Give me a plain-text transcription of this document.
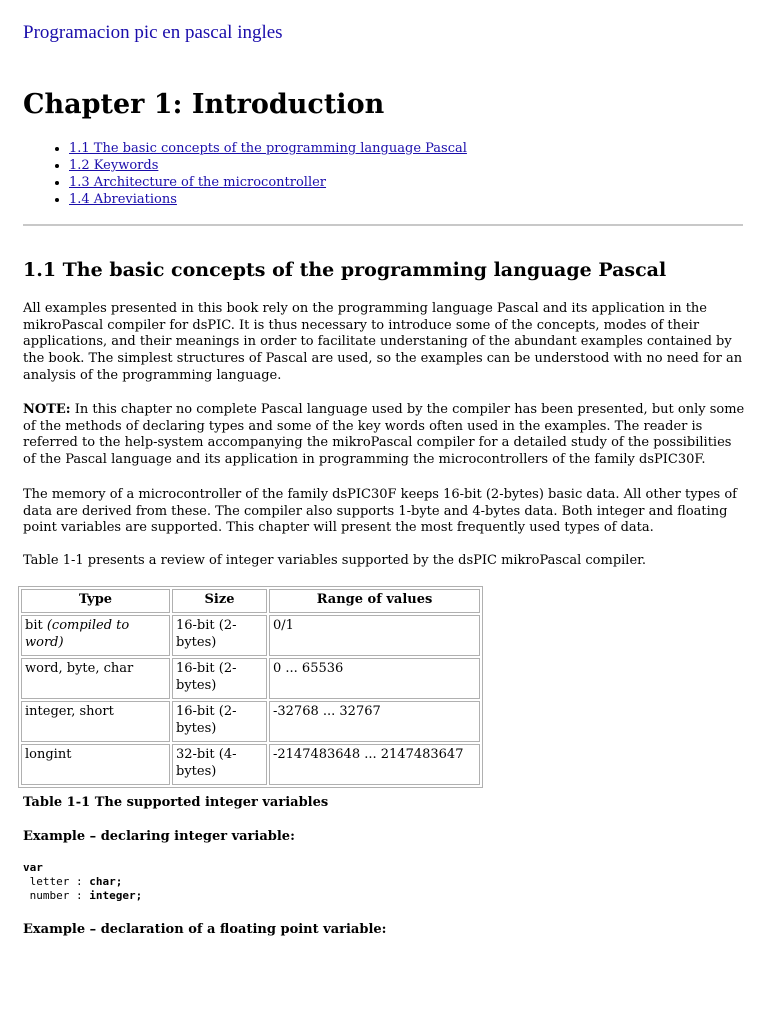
Programacion pic en pascal ingles
Chapter 1: Introduction
• 1.1 The basic concepts of the programming language Pascal
• 1.2 Keywords
• 1.3 Architecture of the microcontroller
• 1.4 Abreviations
1.1 The basic concepts of the programming language Pascal

All examples presented in this book rely on the programming language Pascal and its application in the mikroPascal compiler for dsPIC. It is thus necessary to introduce some of the concepts, modes of their applications, and their meanings in order to facilitate understaning of the abundant examples contained by the book. The simplest structures of Pascal are used, so the examples can be understood with no need for an analysis of the programming language.

NOTE: In this chapter no complete Pascal language used by the compiler has been presented, but only some of the methods of declaring types and some of the key words often used in the examples. The reader is referred to the help-system accompanying the mikroPascal compiler for a detailed study of the possibilities of the Pascal language and its application in programming the microcontrollers of the family dsPIC30F.

The memory of a microcontroller of the family dsPIC30F keeps 16-bit (2-bytes) basic data. All other types of data are derived from these. The compiler also supports 1-byte and 4-bytes data. Both integer and floating point variables are supported. This chapter will present the most frequently used types of data.

Table 1-1 presents a review of integer variables supported by the dsPIC mikroPascal compiler.

Type	Size	Range of values
bit (compiled to word)	16-bit (2-bytes)	0/1
word, byte, char	16-bit (2-bytes)	0 ... 65536
integer, short	16-bit (2-bytes)	-32768 ... 32767
longint	32-bit (4-bytes)	-2147483648 ... 2147483647

Table 1-1 The supported integer variables

Example – declaring integer variable:

var
letter : char;
number : integer;

Example – declaration of a floating point variable:
